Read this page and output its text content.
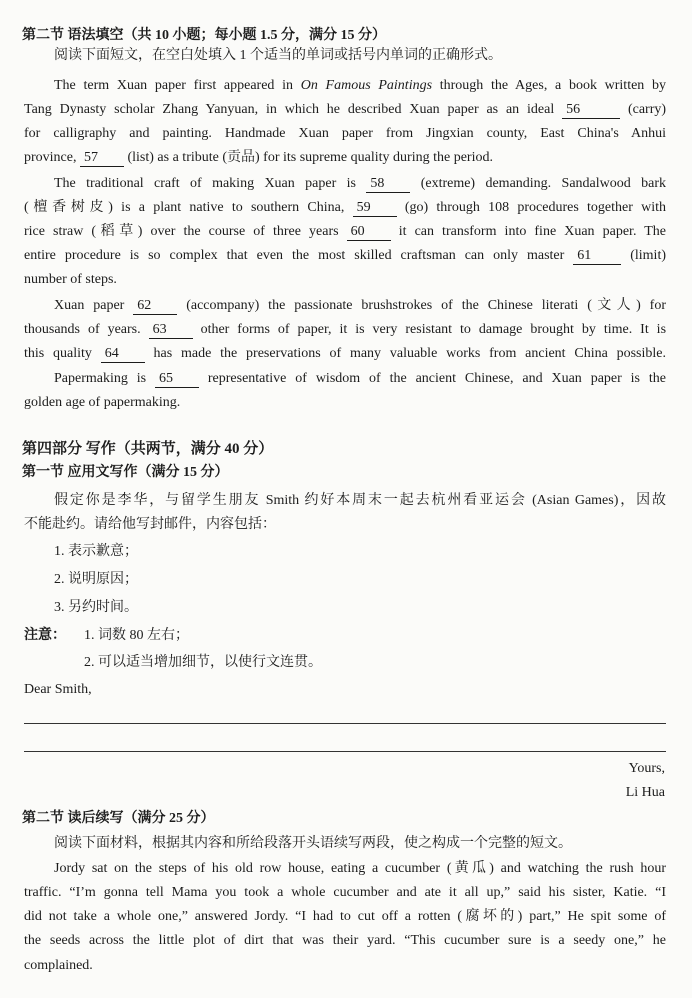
第二节 语法填空（共 10 小题；每小题 1.5 分，满分 15 分）
阅读下面短文，在空白处填入 1 个适当的单词或括号内单词的正确形式。
The term Xuan paper first appeared in On Famous Paintings through the Ages, a book written by
Tang Dynasty scholar Zhang Yanyuan, in which he described Xuan paper as an ideal 56	(carry)
for calligraphy and painting. Handmade Xuan paper from Jingxian county, East China's Anhui
province, 57 (list) as a tribute (贡品) for its supreme quality during the period.
The traditional craft of making Xuan paper is 58	(extreme) demanding. Sandalwood bark
(檀香树皮) is a plant native to southern China, 59 (go) through 108 procedures together with
rice straw (稻草) over the course of three years 60 it can transform into fine Xuan paper. The
entire procedure is so complex that even the most skilled craftsman can only master 61	(limit)
number of steps.
Xuan paper 62 (accompany) the passionate brushstrokes of the Chinese literati (文人) for
thousands of years. 63 other forms of paper, it is very resistant to damage brought by time. It is
this quality 64 has made the preservations of many valuable works from ancient China possible.
Papermaking is 65 representative of wisdom of the ancient Chinese, and Xuan paper is the
golden age of papermaking.
第四部分 写作（共两节，满分 40 分）
第一节 应用文写作（满分 15 分）
假定你是李华，与留学生朋友 Smith 约好本周末一起去杭州看亚运会 (Asian Games)，因故
不能赴约。请给他写封邮件，内容包括：
1. 表示歉意；
2. 说明原因；
3. 另约时间。
注意： 1. 词数 80 左右；
2. 可以适当增加细节，以使行文连贯。
Dear Smith,
Yours,
Li Hua
第二节 读后续写（满分 25 分）
阅读下面材料，根据其内容和所给段落开头语续写两段，使之构成一个完整的短文。
Jordy sat on the steps of his old row house, eating a cucumber (黄瓜) and watching the rush hour
traffic. “I’m gonna tell Mama you took a whole cucumber and ate it all up,” said his sister, Katie. “I
did not take a whole one,” answered Jordy. “I had to cut off a rotten (腐坏的) part,” He spit some of
the seeds across the little plot of dirt that was their yard. “This cucumber sure is a seedy one,” he
complained.
